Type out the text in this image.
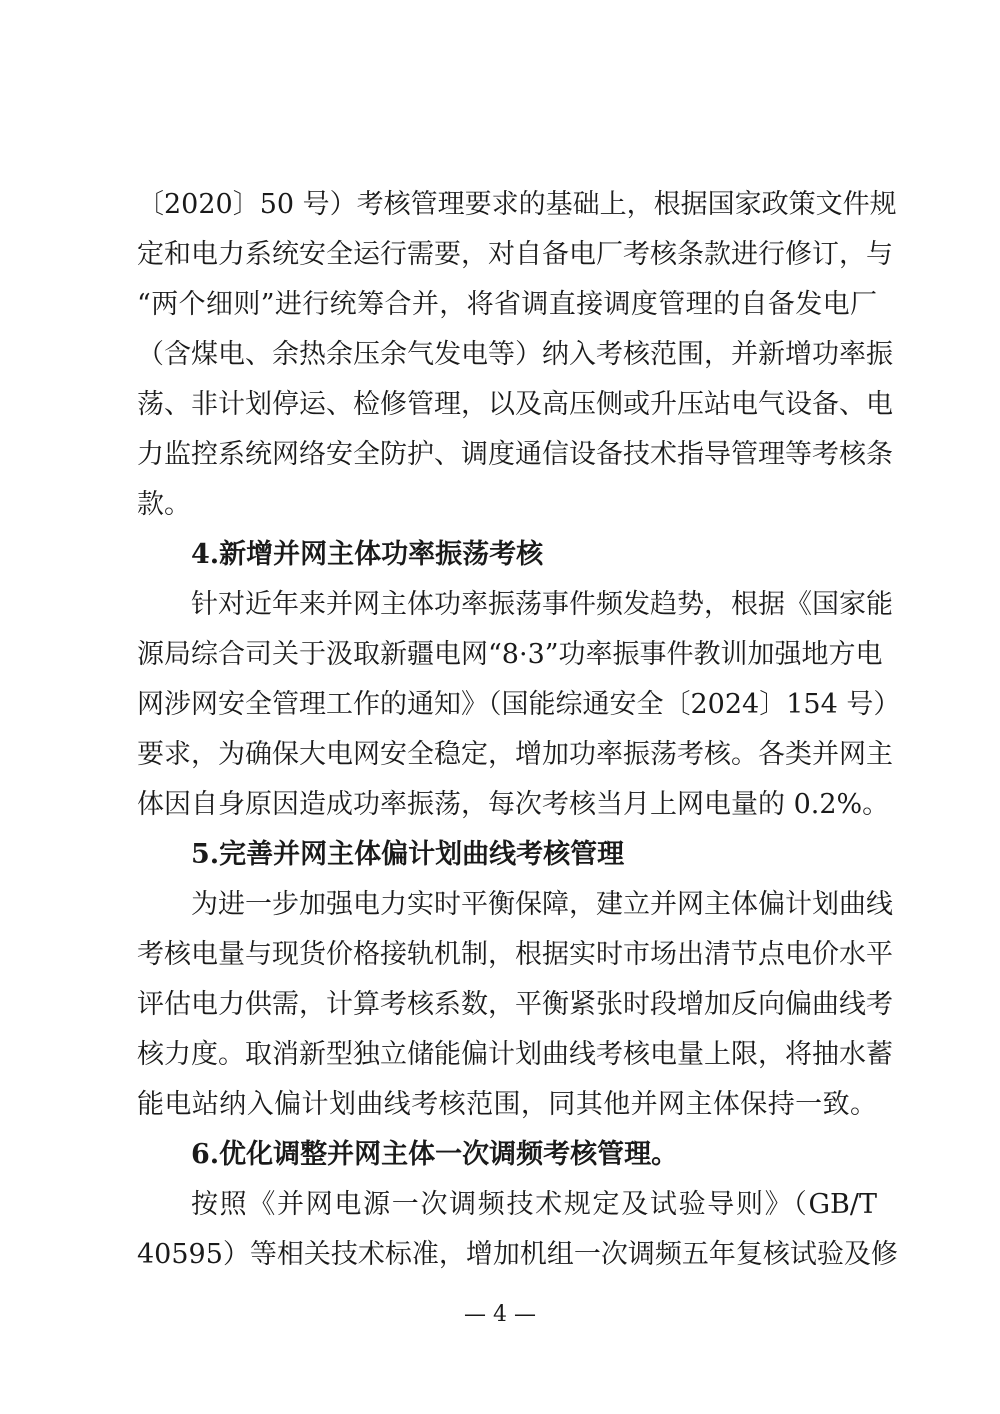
〔2020〕50 号）考核管理要求的基础上，根据国家政策文件规
定和电力系统安全运行需要，对自备电厂考核条款进行修订，与
“两个细则”进行统筹合并，将省调直接调度管理的自备发电厂
（含煤电、余热余压余气发电等）纳入考核范围，并新增功率振
荡、非计划停运、检修管理，以及高压侧或升压站电气设备、电
力监控系统网络安全防护、调度通信设备技术指导管理等考核条
款。
4.新增并网主体功率振荡考核
针对近年来并网主体功率振荡事件频发趋势，根据《国家能
源局综合司关于汲取新疆电网“8·3”功率振事件教训加强地方电
网涉网安全管理工作的通知》（国能综通安全〔2024〕154 号）
要求，为确保大电网安全稳定，增加功率振荡考核。各类并网主
体因自身原因造成功率振荡，每次考核当月上网电量的 0.2%。
5.完善并网主体偏计划曲线考核管理
为进一步加强电力实时平衡保障，建立并网主体偏计划曲线
考核电量与现货价格接轨机制，根据实时市场出清节点电价水平
评估电力供需，计算考核系数，平衡紧张时段增加反向偏曲线考
核力度。取消新型独立储能偏计划曲线考核电量上限，将抽水蓄
能电站纳入偏计划曲线考核范围，同其他并网主体保持一致。
6.优化调整并网主体一次调频考核管理。
按照《并网电源一次调频技术规定及试验导则》（GB/T
40595）等相关技术标准，增加机组一次调频五年复核试验及修
— 4 —
